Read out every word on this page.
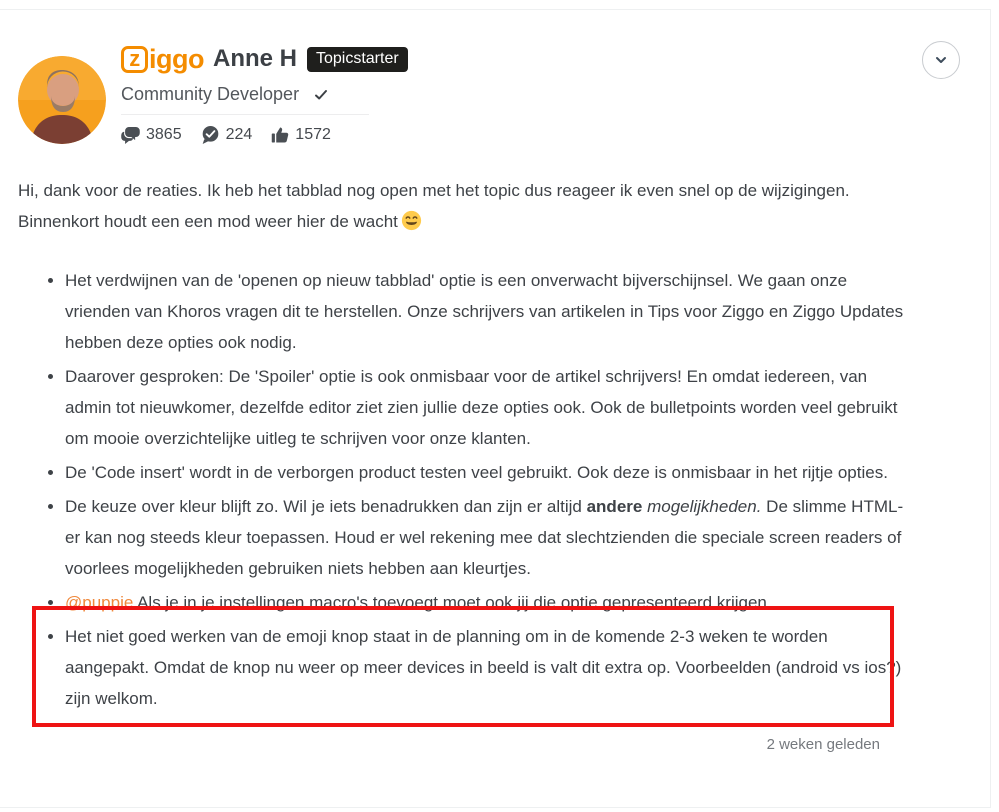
z iggo Anne H	Topicstarter
Community Developer
3865	224	1572

Hi, dank voor de reaties. Ik heb het tabblad nog open met het topic dus reageer ik even snel op de wijzigingen. Binnenkort houdt een een mod weer hier de wacht

• Het verdwijnen van de 'openen op nieuw tabblad' optie is een onverwacht bijverschijnsel. We gaan onze vrienden van Khoros vragen dit te herstellen. Onze schrijvers van artikelen in Tips voor Ziggo en Ziggo Updates hebben deze opties ook nodig.
• Daarover gesproken: De 'Spoiler' optie is ook onmisbaar voor de artikel schrijvers! En omdat iedereen, van admin tot nieuwkomer, dezelfde editor ziet zien jullie deze opties ook. Ook de bulletpoints worden veel gebruikt om mooie overzichtelijke uitleg te schrijven voor onze klanten.
• De 'Code insert' wordt in de verborgen product testen veel gebruikt. Ook deze is onmisbaar in het rijtje opties.
• De keuze over kleur blijft zo. Wil je iets benadrukken dan zijn er altijd andere mogelijkheden. De slimme HTML-er kan nog steeds kleur toepassen. Houd er wel rekening mee dat slechtzienden die speciale screen readers of voorlees mogelijkheden gebruiken niets hebben aan kleurtjes.
• @puppie Als je in je instellingen macro's toevoegt moet ook jij die optie gepresenteerd krijgen.
• Het niet goed werken van de emoji knop staat in de planning om in de komende 2-3 weken te worden aangepakt. Omdat de knop nu weer op meer devices in beeld is valt dit extra op. Voorbeelden (android vs ios?) zijn welkom.
2 weken geleden
